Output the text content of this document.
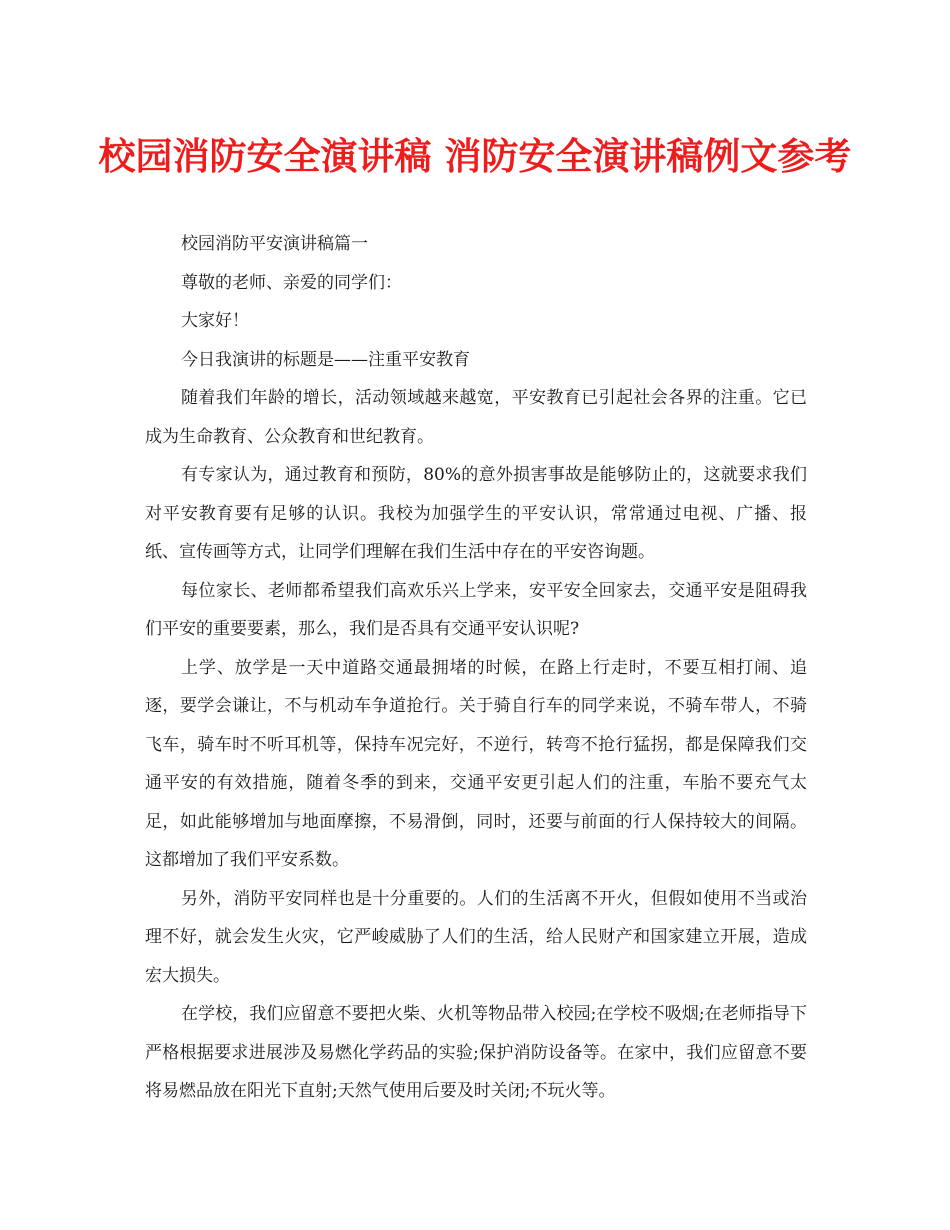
校园消防安全演讲稿 消防安全演讲稿例文参考

校园消防平安演讲稿篇一

尊敬的老师、亲爱的同学们：

大家好！

今日我演讲的标题是——注重平安教育

随着我们年龄的增长，活动领域越来越宽，平安教育已引起社会各界的注重。它已成为生命教育、公众教育和世纪教育。

有专家认为，通过教育和预防，80%的意外损害事故是能够防止的，这就要求我们对平安教育要有足够的认识。我校为加强学生的平安认识，常常通过电视、广播、报纸、宣传画等方式，让同学们理解在我们生活中存在的平安咨询题。

每位家长、老师都希望我们高欢乐兴上学来，安平安全回家去，交通平安是阻碍我们平安的重要要素，那么，我们是否具有交通平安认识呢?

上学、放学是一天中道路交通最拥堵的时候，在路上行走时，不要互相打闹、追逐，要学会谦让，不与机动车争道抢行。关于骑自行车的同学来说，不骑车带人，不骑飞车，骑车时不听耳机等，保持车况完好，不逆行，转弯不抢行猛拐，都是保障我们交通平安的有效措施，随着冬季的到来，交通平安更引起人们的注重，车胎不要充气太足，如此能够增加与地面摩擦，不易滑倒，同时，还要与前面的行人保持较大的间隔。这都增加了我们平安系数。

另外，消防平安同样也是十分重要的。人们的生活离不开火，但假如使用不当或治理不好，就会发生火灾，它严峻威胁了人们的生活，给人民财产和国家建立开展，造成宏大损失。

在学校，我们应留意不要把火柴、火机等物品带入校园;在学校不吸烟;在老师指导下严格根据要求进展涉及易燃化学药品的实验;保护消防设备等。在家中，我们应留意不要将易燃品放在阳光下直射;天然气使用后要及时关闭;不玩火等。
